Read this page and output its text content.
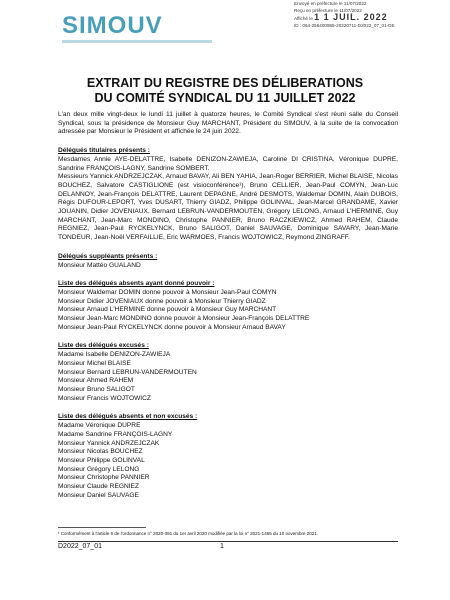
SIMOUV
Envoyé en préfecture le 11/07/2022
Reçu en préfecture le 11/07/2022
Affiché le 1 1 JUIL. 2022
ID : 064-256400955-20220711-D2022_07_01-DE
EXTRAIT DU REGISTRE DES DÉLIBERATIONS
DU COMITÉ SYNDICAL DU 11 JUILLET 2022

L'an deux mille vingt-deux le lundi 11 juillet à quatorze heures, le Comité Syndical s'est réuni salle du Conseil Syndical, sous la présidence de Monsieur Guy MARCHANT, Président du SIMOUV, à la suite de la convocation adressée par Monsieur le Président et affichée le 24 juin 2022.

Délégués titulaires présents :

Mesdames Annie AYE-DELATTRE, Isabelle DENIZON-ZAWIEJA, Caroline DI CRISTINA, Véronique DUPRE, Sandrine FRANÇOIS-LAGNY, Sandrine SOMBERT.

Messieurs Yannick ANDRZEJCZAK, Arnaud BAVAY, Ali BEN YAHIA, Jean-Roger BERRIER, Michel BLAISE, Nicolas BOUCHEZ, Salvatore CASTIGLIONE (est visioconférence¹), Bruno CELLIER, Jean-Paul COMYN, Jean-Luc DELANNOY, Jean-François DELATTRE, Laurent DEPAGNE, André DESMOTS, Waldemar DOMIN, Alain DUBOIS, Régis DUFOUR-LEPORT, Yves DUSART, Thierry GIADZ, Philippe GOLINVAL, Jean-Marcel GRANDAME, Xavier JOUANIN, Didier JOVENIAUX, Bernard LEBRUN-VANDERMOUTEN, Grégory LELONG, Arnaud L'HERMINE, Guy MARCHANT, Jean-Marc MONDINO, Christophe PANNIER, Bruno RACZKIEWICZ, Ahmed RAHEM, Claude REGNIEZ, Jean-Paul RYCKELYNCK, Bruno SALIGOT, Daniel SAUVAGE, Dominique SAVARY, Jean-Marie TONDEUR, Jean-Noël VERFAILLIE, Eric WARMOES, Francis WOJTOWICZ, Reymond ZINGRAFF.

Délégués suppléants présents :
Monsieur Mattéo GUALAND
Liste des délégués absents ayant donné pouvoir :
Monsieur Waldemar DOMIN donne pouvoir à Monsieur Jean-Paul COMYN
Monsieur Didier JOVENIAUX donne pouvoir à Monsieur Thierry GIADZ
Monsieur Arnaud L'HERMINE donne pouvoir à Monsieur Guy MARCHANT
Monsieur Jean-Marc MONDINO donne pouvoir à Monsieur Jean-François DELATTRE
Monsieur Jean-Paul RYCKELYNCK donne pouvoir à Monsieur Arnaud BAVAY
Liste des délégués excusés :
Madame Isabelle DENIZON-ZAWIEJA
Monsieur Michel BLAISE
Monsieur Bernard LEBRUN-VANDERMOUTEN
Monsieur Ahmed RAHEM
Monsieur Bruno SALIGOT
Monsieur Francis WOJTOWICZ
Liste des délégués absents et non excusés :
Madame Véronique DUPRE
Madame Sandrine FRANÇOIS-LAGNY
Monsieur Yannick ANDRZEJCZAK
Monsieur Nicolas BOUCHEZ
Monsieur Philippe GOLINVAL
Monsieur Grégory LELONG
Monsieur Christophe PANNIER
Monsieur Claude REGNIEZ
Monsieur Daniel SAUVAGE
¹ Conformément à l'article 6 de l'ordonnance n° 2020-391 du 1er avril 2020 modifiée par la loi n° 2021-1465 du 10 novembre 2021.
D2022_07_01	1
